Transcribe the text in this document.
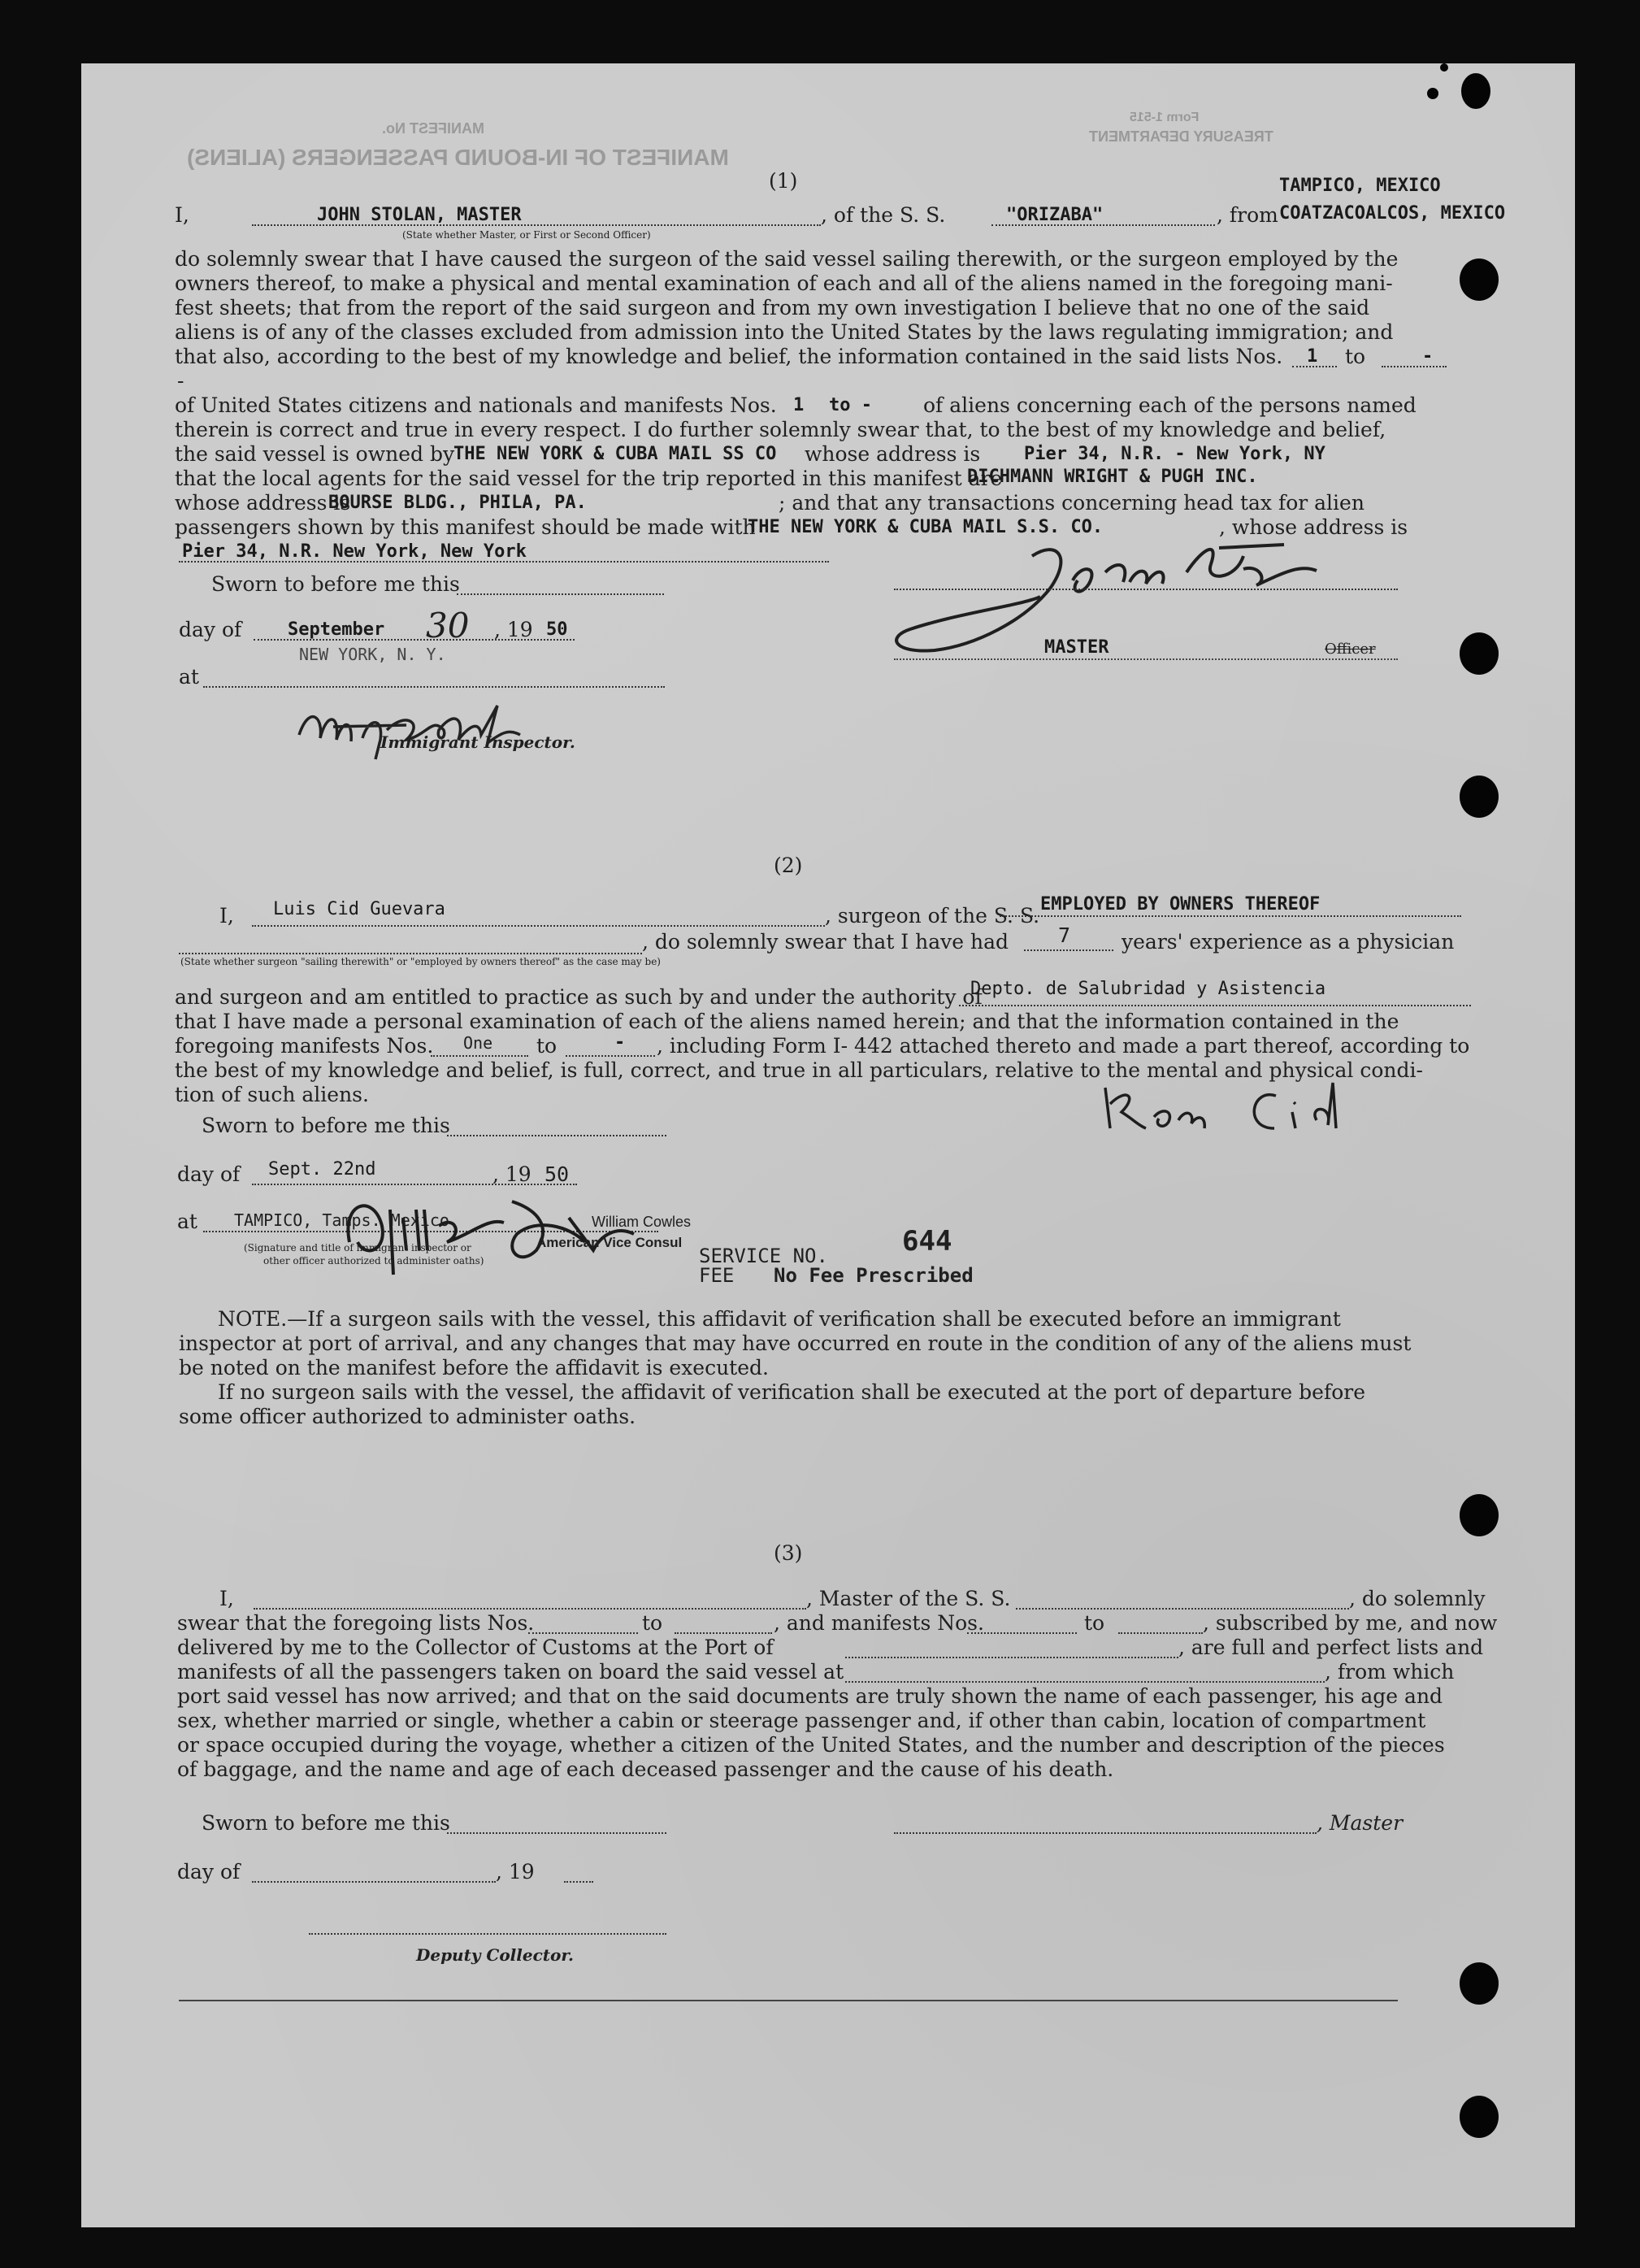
MANIFEST OF IN-BOUND PASSENGERS (ALIENS)
MANIFEST No.	TREASURY DEPARTMENT
Form 1-515
(1)
I,	JOHN STOLAN, MASTER	, of the S. S.	"ORIZABA"	, from
TAMPICO, MEXICO
COATZACOALCOS, MEXICO
(State whether Master, or First or Second Officer)
do solemnly swear that I have caused the surgeon of the said vessel sailing therewith, or the surgeon employed by the
owners thereof, to make a physical and mental examination of each and all of the aliens named in the foregoing mani-
fest sheets; that from the report of the said surgeon and from my own investigation I believe that no one of the said
aliens is of any of the classes excluded from admission into the United States by the laws regulating immigration; and
that also, according to the best of my knowledge and belief, the information contained in the said lists Nos. 1 to	-
-
of United States citizens and nationals and manifests Nos. 1 to -	of aliens concerning each of the persons named
therein is correct and true in every respect. I do further solemnly swear that, to the best of my knowledge and belief,
the said vessel is owned by
THE NEW YORK & CUBA MAIL SS CO whose address is Pier 34, N.R. - New York, NY
that the local agents for the said vessel for the trip reported in this manifest are
DICHMANN WRIGHT & PUGH INC.
whose address is
BOURSE BLDG., PHILA, PA.	; and that any transactions concerning head tax for alien
passengers shown by this manifest should be made with
THE NEW YORK & CUBA MAIL S.S. CO.	, whose address is
Pier 34, N.R. New York, New York
Sworn to before me this
day of	September 30 , 19 50
at
NEW YORK, N. Y.
Immigrant Inspector.
MASTER	Officer
(2)
I, Luis Cid Guevara	, surgeon of the S. S. EMPLOYED BY OWNERS THEREOF
, do solemnly swear that I have had 7	years' experience as a physician
(State whether surgeon "sailing therewith" or "employed by owners thereof" as the case may be)
and surgeon and am entitled to practice as such by and under the authority of
Depto. de Salubridad y Asistencia
that I have made a personal examination of each of the aliens named herein; and that the information contained in the
foregoing manifests Nos. One to	- , including Form I- 442 attached thereto and made a part thereof, according to
the best of my knowledge and belief, is full, correct, and true in all particulars, relative to the mental and physical condi-
tion of such aliens.
Sworn to before me this
day of Sept. 22nd	, 19 50
at TAMPICO, Tamps. Mexico	William Cowles
American Vice Consul
(Signature and title of immigrant inspector or
other officer authorized to administer oaths)	SERVICE NO.	644
FEE No Fee Prescribed
NOTE.—If a surgeon sails with the vessel, this affidavit of verification shall be executed before an immigrant
inspector at port of arrival, and any changes that may have occurred en route in the condition of any of the aliens must
be noted on the manifest before the affidavit is executed.
If no surgeon sails with the vessel, the affidavit of verification shall be executed at the port of departure before
some officer authorized to administer oaths.
(3)
I,	, Master of the S. S.	, do solemnly
swear that the foregoing lists Nos.	to	, and manifests Nos.	to	, subscribed by me, and now
delivered by me to the Collector of Customs at the Port of	, are full and perfect lists and
manifests of all the passengers taken on board the said vessel at	, from which
port said vessel has now arrived; and that on the said documents are truly shown the name of each passenger, his age and
sex, whether married or single, whether a cabin or steerage passenger and, if other than cabin, location of compartment
or space occupied during the voyage, whether a citizen of the United States, and the number and description of the pieces
of baggage, and the name and age of each deceased passenger and the cause of his death.
Sworn to before me this	, Master
day of	, 19
Deputy Collector.
